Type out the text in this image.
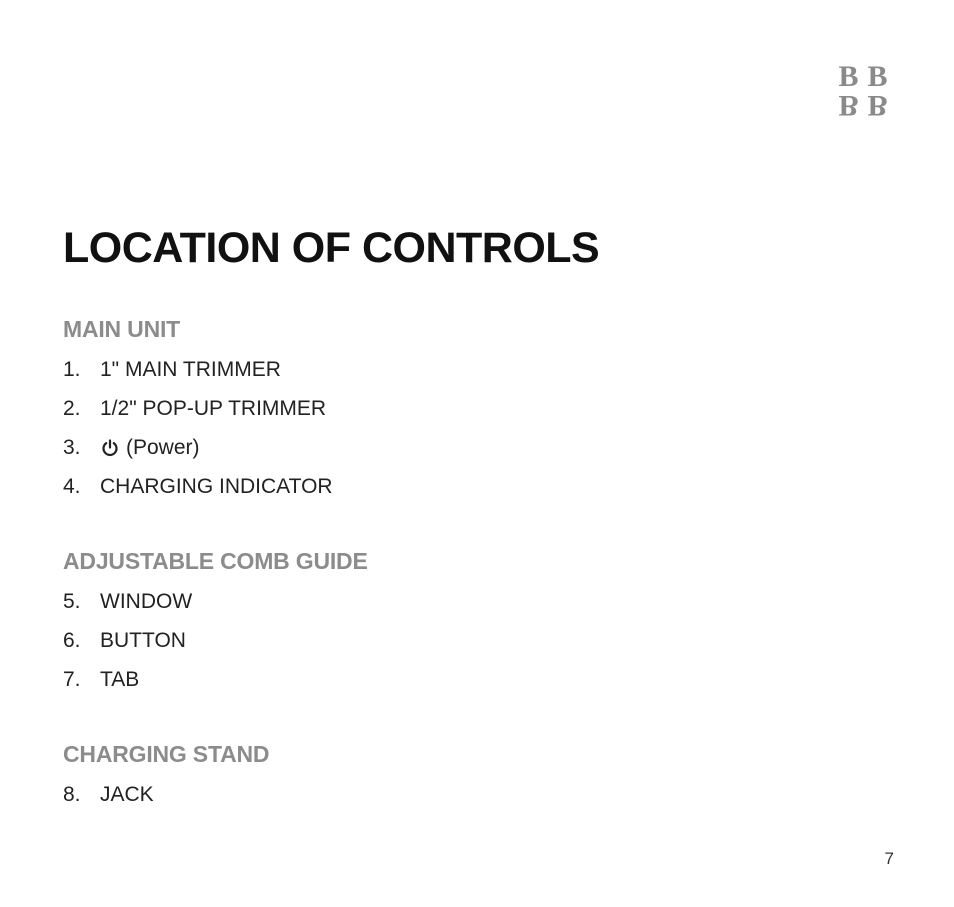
B B
B B
LOCATION OF CONTROLS
MAIN UNIT
1. 1" MAIN TRIMMER
2. 1/2" POP-UP TRIMMER
3.	(Power)
4. CHARGING INDICATOR
ADJUSTABLE COMB GUIDE
5. WINDOW
6. BUTTON
7. TAB
CHARGING STAND
8. JACK
7
